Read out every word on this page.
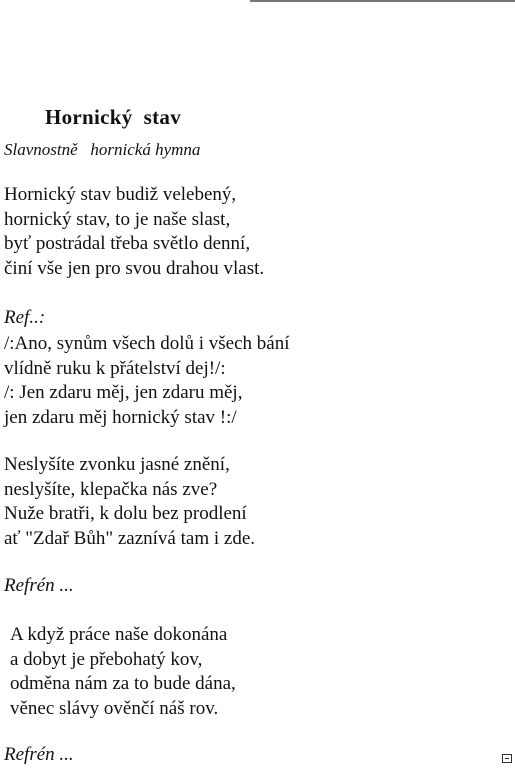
Hornický  stav
Slavnostně   hornická hymna
Hornický stav budiž velebený,
hornický stav, to je naše slast,
byť postrádal třeba světlo denní,
činí vše jen pro svou drahou vlast.
Ref..:
/:Ano, synům všech dolů i všech bání
vlídně ruku k přátelství dej!/:
/: Jen zdaru měj, jen zdaru měj,
jen zdaru měj hornický stav !:/
Neslyšíte zvonku jasné znění,
neslyšíte, klepačka nás zve?
Nuže bratři, k dolu bez prodlení
ať "Zdař Bůh" zaznívá tam i zde.
Refrén ...
A když práce naše dokonána
a dobyt je přebohatý kov,
odměna nám za to bude dána,
věnec slávy ověnčí náš rov.
Refrén ...
